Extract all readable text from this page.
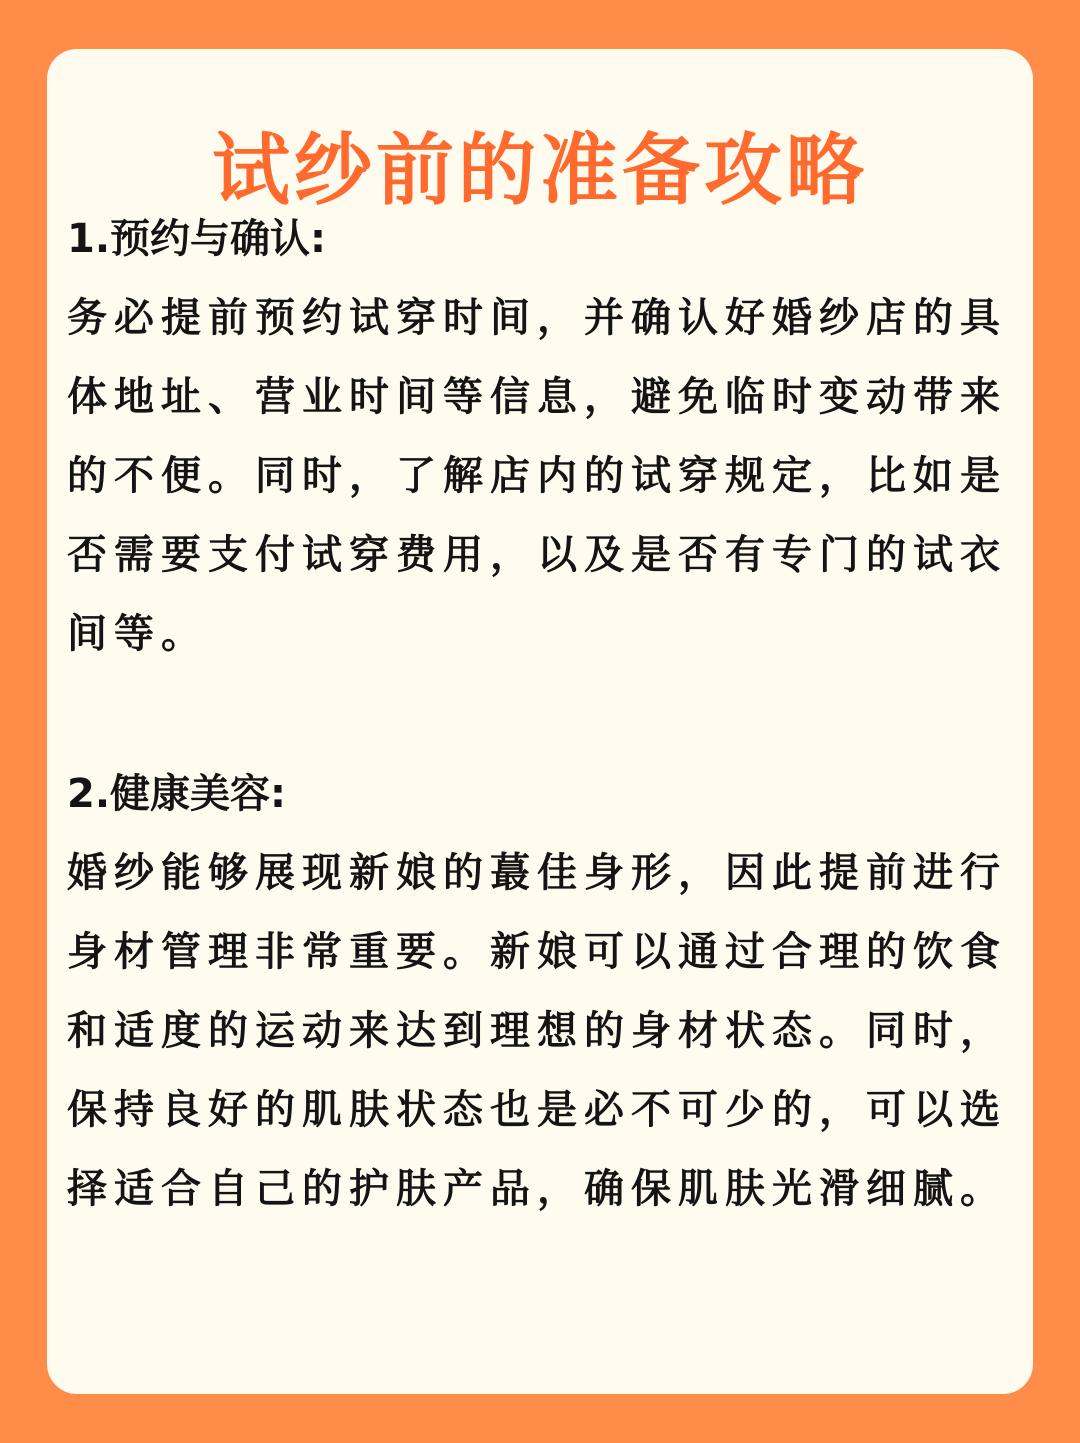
试纱前的准备攻略

1.预约与确认:

务必提前预约试穿时间，并确认好婚纱店的具体地址、营业时间等信息，避免临时变动带来的不便。同时，了解店内的试穿规定，比如是否需要支付试穿费用，以及是否有专门的试衣间等。

2.健康美容:

婚纱能够展现新娘的蕞佳身形，因此提前进行身材管理非常重要。新娘可以通过合理的饮食和适度的运动来达到理想的身材状态。同时，保持良好的肌肤状态也是必不可少的，可以选择适合自己的护肤产品，确保肌肤光滑细腻。
